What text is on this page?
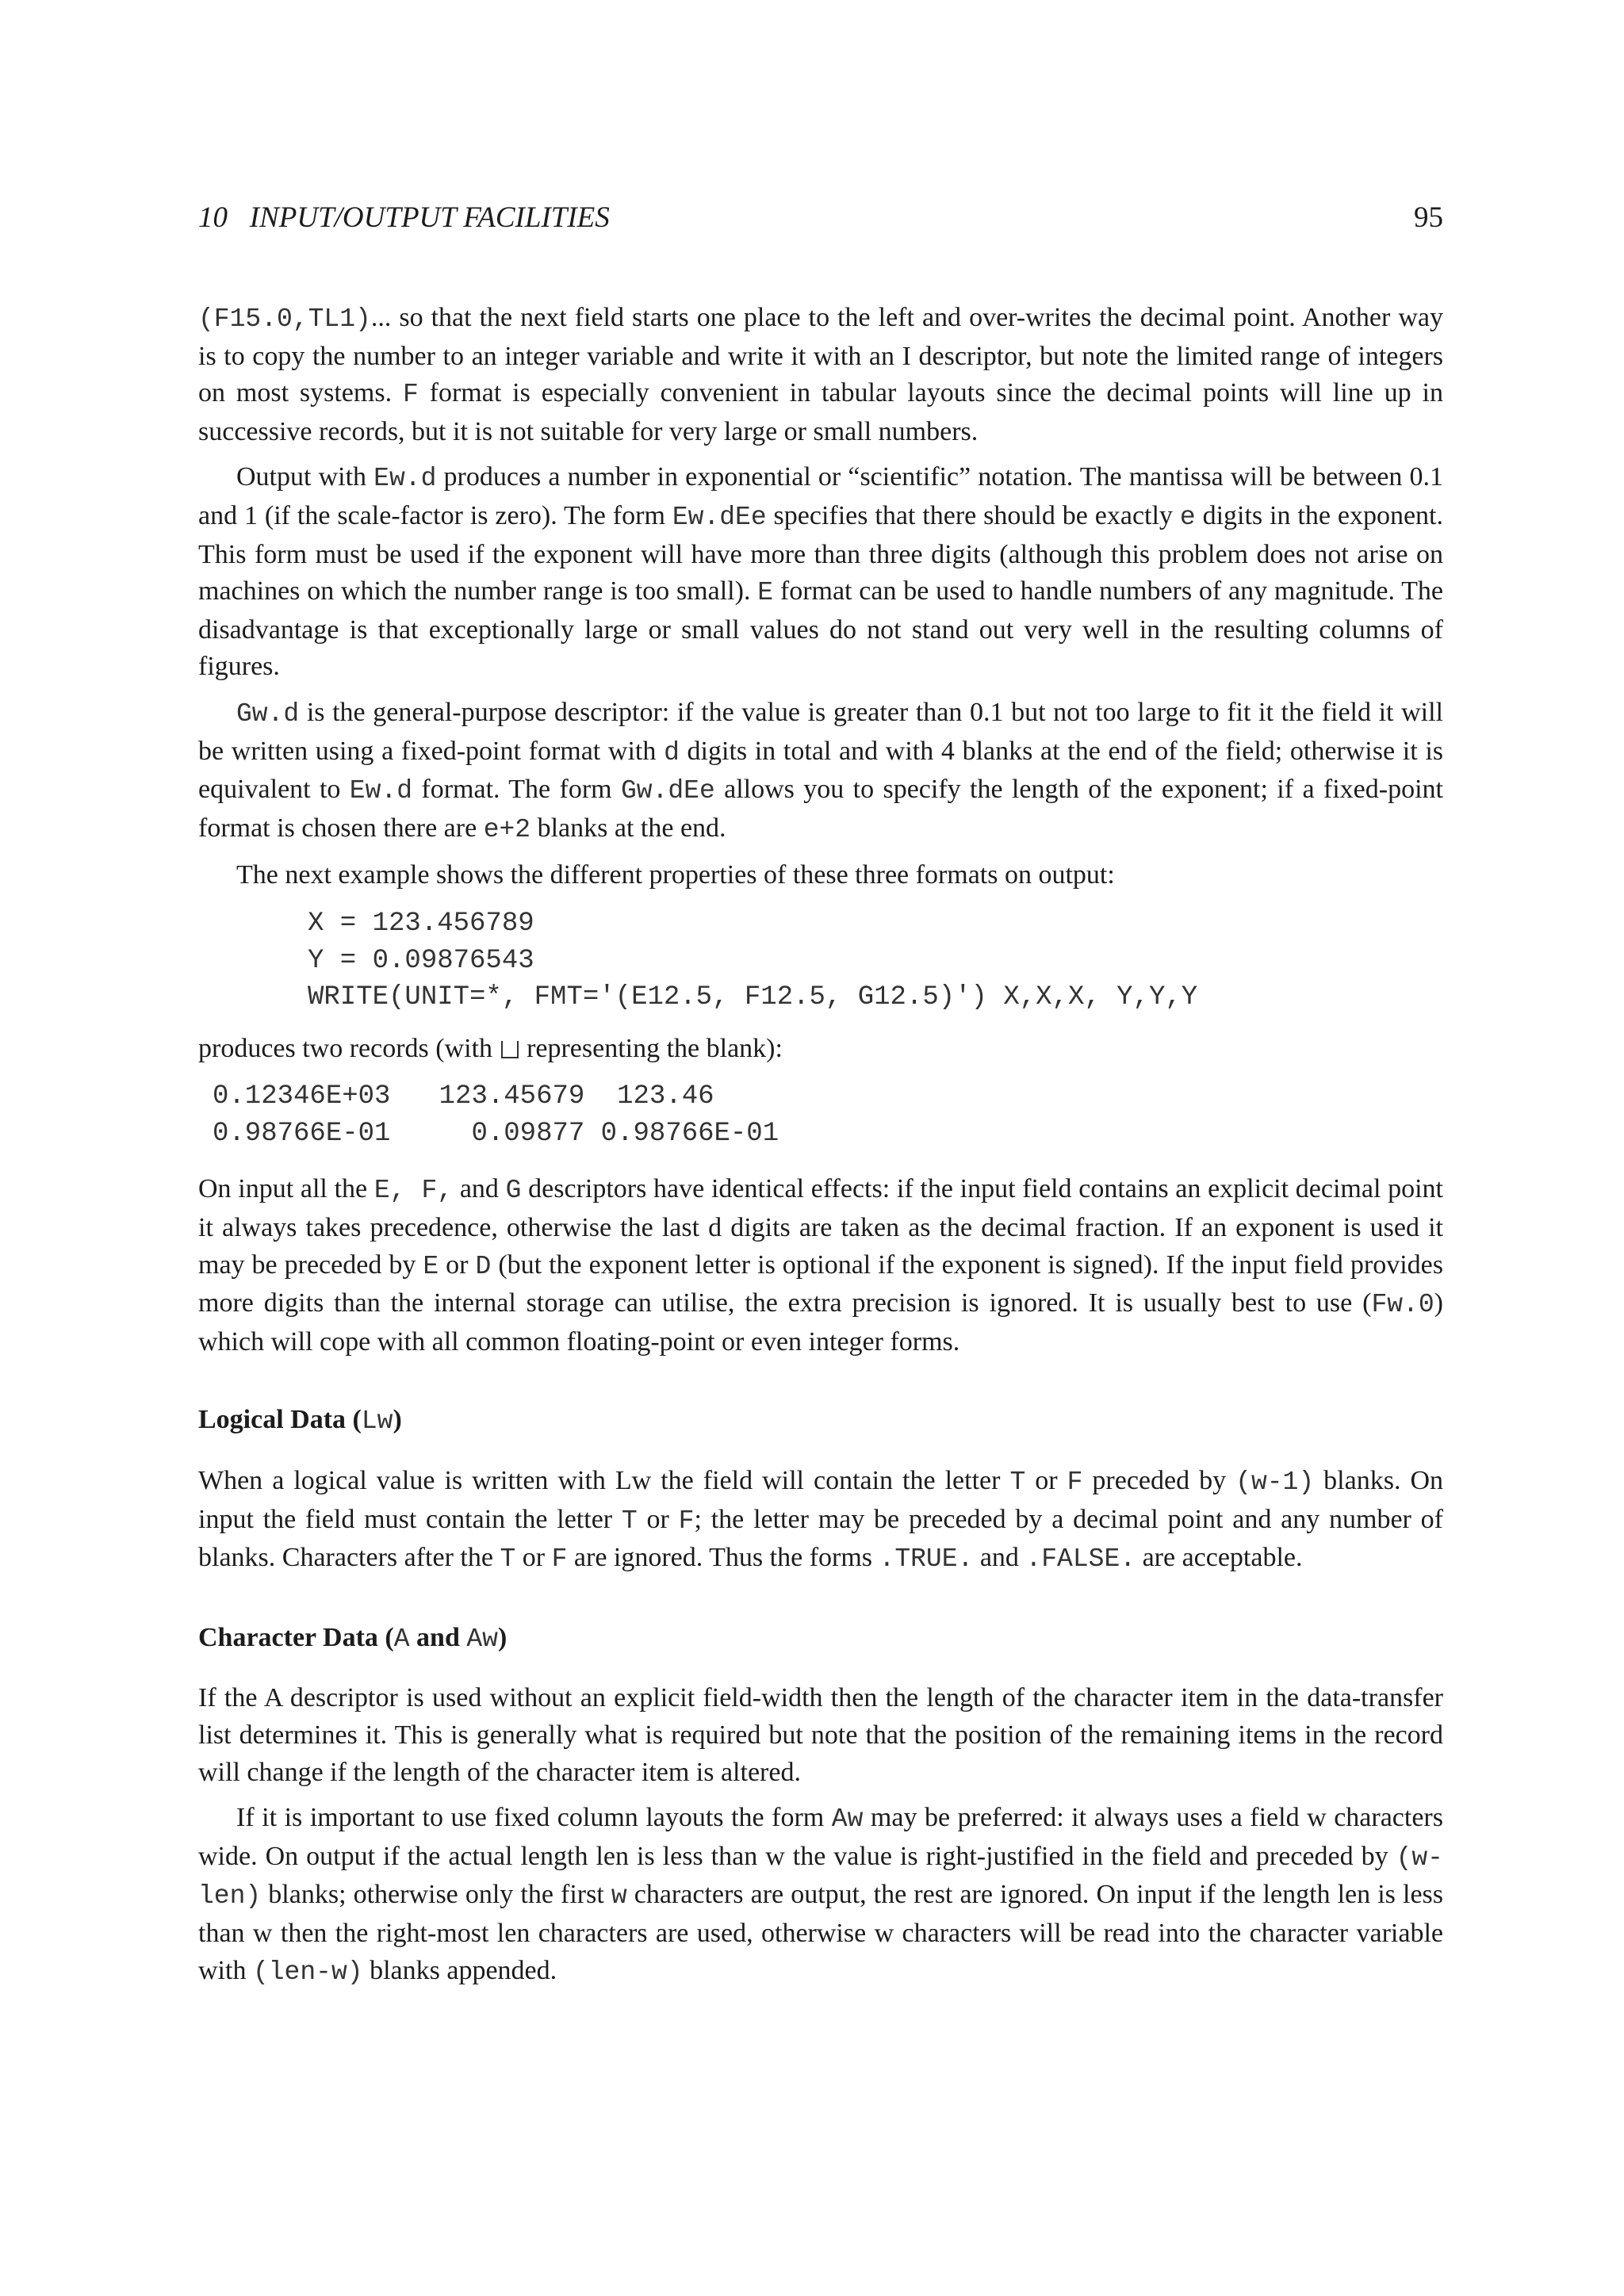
10   INPUT/OUTPUT FACILITIES	95

(F15.0,TL1)... so that the next field starts one place to the left and over-writes the decimal point. Another way is to copy the number to an integer variable and write it with an I descriptor, but note the limited range of integers on most systems. F format is especially convenient in tabular layouts since the decimal points will line up in successive records, but it is not suitable for very large or small numbers.

Output with Ew.d produces a number in exponential or “scientific” notation. The mantissa will be between 0.1 and 1 (if the scale-factor is zero). The form Ew.dEe specifies that there should be exactly e digits in the exponent. This form must be used if the exponent will have more than three digits (although this problem does not arise on machines on which the number range is too small). E format can be used to handle numbers of any magnitude. The disadvantage is that exceptionally large or small values do not stand out very well in the resulting columns of figures.

Gw.d is the general-purpose descriptor: if the value is greater than 0.1 but not too large to fit it the field it will be written using a fixed-point format with d digits in total and with 4 blanks at the end of the field; otherwise it is equivalent to Ew.d format. The form Gw.dEe allows you to specify the length of the exponent; if a fixed-point format is chosen there are e+2 blanks at the end.

The next example shows the different properties of these three formats on output:

X = 123.456789
Y = 0.09876543
WRITE(UNIT=*, FMT='(E12.5, F12.5, G12.5)') X,X,X, Y,Y,Y

produces two records (with  representing the blank):

0.12346E+03   123.45679  123.46
0.98766E-01     0.09877 0.98766E-01

On input all the E, F, and G descriptors have identical effects: if the input field contains an explicit decimal point it always takes precedence, otherwise the last d digits are taken as the decimal fraction. If an exponent is used it may be preceded by E or D (but the exponent letter is optional if the exponent is signed). If the input field provides more digits than the internal storage can utilise, the extra precision is ignored. It is usually best to use (Fw.0) which will cope with all common floating-point or even integer forms.

Logical Data (Lw)

When a logical value is written with Lw the field will contain the letter T or F preceded by (w-1) blanks. On input the field must contain the letter T or F; the letter may be preceded by a decimal point and any number of blanks. Characters after the T or F are ignored. Thus the forms .TRUE. and .FALSE. are acceptable.

Character Data (A and Aw)

If the A descriptor is used without an explicit field-width then the length of the character item in the data-transfer list determines it. This is generally what is required but note that the position of the remaining items in the record will change if the length of the character item is altered.

If it is important to use fixed column layouts the form Aw may be preferred: it always uses a field w characters wide. On output if the actual length len is less than w the value is right-justified in the field and preceded by (w-len) blanks; otherwise only the first w characters are output, the rest are ignored. On input if the length len is less than w then the right-most len characters are used, otherwise w characters will be read into the character variable with (len-w) blanks appended.
